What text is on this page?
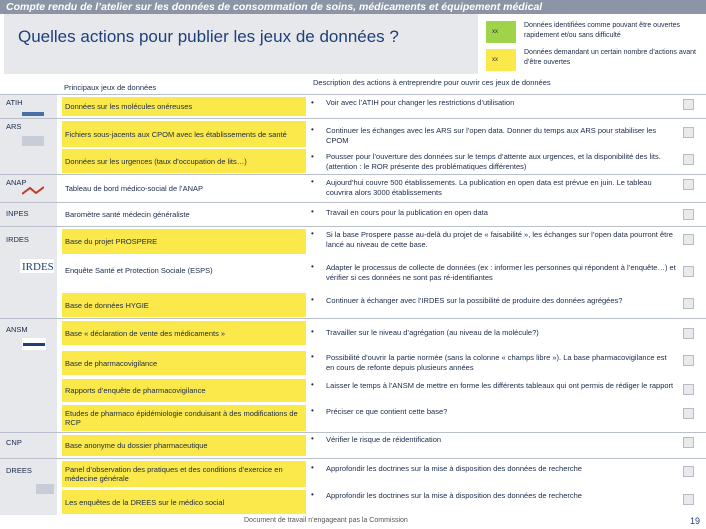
Compte rendu de l’atelier sur les données de consommation de soins, médicaments et équipement médical
Quelles actions pour publier les jeux de données ?	xx
xx
Données identifiées comme pouvant être ouvertes rapidement et/ou sans difficulté
Données demandant un certain nombre d’actions avant d’être ouvertes
Principaux jeux de données
Description des actions à entreprendre pour ouvrir ces jeux de données
ATIH
ARS
ANAP
INPES
IRDES
IRDES
ANSM
CNP
DREES
Données sur les molécules onéreuses
Fichiers sous-jacents aux CPOM avec les établissements de santé
Données sur les urgences (taux d’occupation de lits…)
Tableau de bord médico-social de l’ANAP
Baromètre santé médecin généraliste
Base du projet PROSPERE
Enquête Santé et Protection Sociale (ESPS)
Base de données HYGIE
Base « déclaration de vente des médicaments »
Base de pharmacovigilance
Rapports d’enquête de pharmacovigilance
Etudes de pharmaco épidémiologie conduisant à des modifications de RCP
Base anonyme du dossier pharmaceutique
Panel d’observation des pratiques et des conditions d’exercice en médecine générale
Les enquêtes de la DREES sur le médico social
•
•
•
•
•
•
•
•
•
•
•
•
•
•
•
Voir avec l’ATIH pour changer les restrictions d’utilisation
Continuer les échanges avec les ARS sur l’open data. Donner du temps aux ARS pour stabiliser les CPOM
Pousser pour l’ouverture des données sur le temps d’attente aux urgences, et la disponibilité des lits. (attention : le ROR présente des problématiques différentes)
Aujourd’hui couvre 500 établissements. La publication en open data est prévue en juin. Le tableau couvrira alors 3000 établissements
Travail en cours pour la publication en open data
Si la base Prospere passe au-delà du projet de « faisabilité », les échanges sur l’open data pourront être lancé au niveau de cette base.
Adapter le processus de collecte de données (ex : informer les personnes qui répondent à l’enquête…) et vérifier si ces données ne sont pas ré-identifiantes
Continuer à échanger avec l’IRDES sur la possibilité de produire des données agrégées?
Travailler sur le niveau d’agrégation (au niveau de la molécule?)
Possibilité d’ouvrir la partie normée (sans la colonne « champs libre »). La base pharmacovigilance est en cours de refonte depuis plusieurs années
Laisser le temps à l’ANSM de mettre en forme les différents tableaux qui ont permis de rédiger le rapport
Préciser ce que contient cette base?
Vérifier le risque de réidentification
Approfondir les doctrines sur la mise à disposition des données de recherche
Approfondir les doctrines sur la mise à disposition des données de recherche
Document de travail n’engageant pas la Commission	19
